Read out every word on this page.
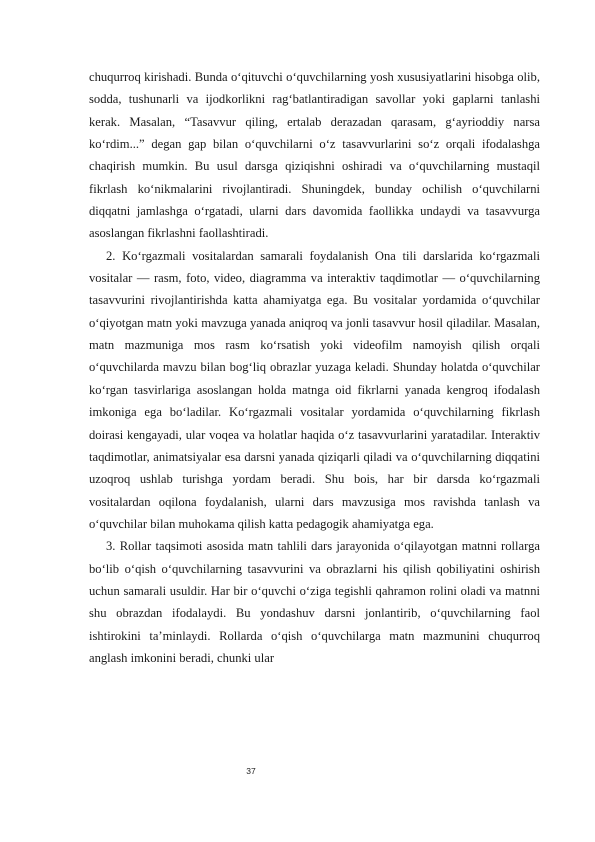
chuqurroq kirishadi. Bunda o‘qituvchi o‘quvchilarning yosh xususiyatlarini hisobga olib, sodda, tushunarli va ijodkorlikni rag‘batlantiradigan savollar yoki gaplarni tanlashi kerak. Masalan, “Tasavvur qiling, ertalab derazadan qarasam, g‘ayrioddiy narsa ko‘rdim...” degan gap bilan o‘quvchilarni o‘z tasavvurlarini so‘z orqali ifodalashga chaqirish mumkin. Bu usul darsga qiziqishni oshiradi va o‘quvchilarning mustaqil fikrlash ko‘nikmalarini rivojlantiradi. Shuningdek, bunday ochilish o‘quvchilarni diqqatni jamlashga o‘rgatadi, ularni dars davomida faollikka undaydi va tasavvurga asoslangan fikrlashni faollashtiradi.

2. Ko‘rgazmali vositalardan samarali foydalanish Ona tili darslarida ko‘rgazmali vositalar — rasm, foto, video, diagramma va interaktiv taqdimotlar — o‘quvchilarning tasavvurini rivojlantirishda katta ahamiyatga ega. Bu vositalar yordamida o‘quvchilar o‘qiyotgan matn yoki mavzuga yanada aniqroq va jonli tasavvur hosil qiladilar. Masalan, matn mazmuniga mos rasm ko‘rsatish yoki videofilm namoyish qilish orqali o‘quvchilarda mavzu bilan bog‘liq obrazlar yuzaga keladi. Shunday holatda o‘quvchilar ko‘rgan tasvirlariga asoslangan holda matnga oid fikrlarni yanada kengroq ifodalash imkoniga ega bo‘ladilar. Ko‘rgazmali vositalar yordamida o‘quvchilarning fikrlash doirasi kengayadi, ular voqea va holatlar haqida o‘z tasavvurlarini yaratadilar. Interaktiv taqdimotlar, animatsiyalar esa darsni yanada qiziqarli qiladi va o‘quvchilarning diqqatini uzoqroq ushlab turishga yordam beradi. Shu bois, har bir darsda ko‘rgazmali vositalardan oqilona foydalanish, ularni dars mavzusiga mos ravishda tanlash va o‘quvchilar bilan muhokama qilish katta pedagogik ahamiyatga ega.

3. Rollar taqsimoti asosida matn tahlili dars jarayonida o‘qilayotgan matnni rollarga bo‘lib o‘qish o‘quvchilarning tasavvurini va obrazlarni his qilish qobiliyatini oshirish uchun samarali usuldir. Har bir o‘quvchi o‘ziga tegishli qahramon rolini oladi va matnni shu obrazdan ifodalaydi. Bu yondashuv darsni jonlantirib, o‘quvchilarning faol ishtirokini ta’minlaydi. Rollarda o‘qish o‘quvchilarga matn mazmunini chuqurroq anglash imkonini beradi, chunki ular

37
